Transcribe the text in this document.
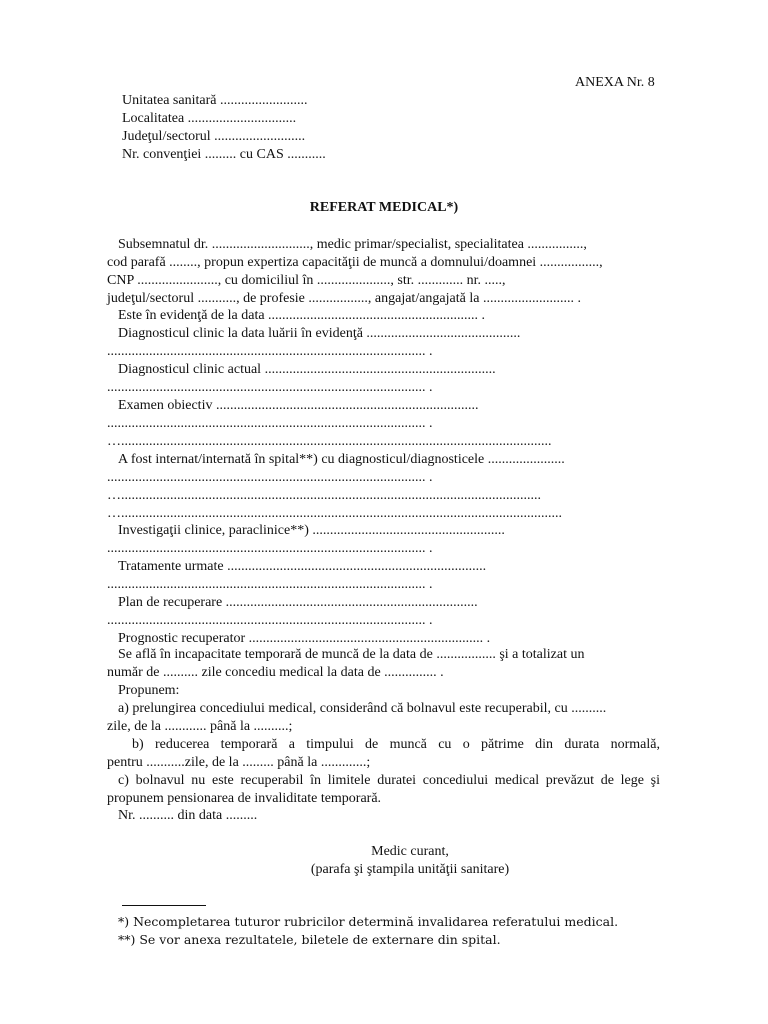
ANEXA Nr. 8
Unitatea sanitară .........................
Localitatea ...............................
Judeţul/sectorul ..........................
Nr. convenţiei ......... cu CAS ...........
REFERAT MEDICAL*)
Subsemnatul dr. ............................, medic primar/specialist, specialitatea ................,
cod parafă ........, propun expertiza capacităţii de muncă a domnului/doamnei .................,
CNP ......................., cu domiciliul în ....................., str. ............. nr. .....,
judeţul/sectorul ..........., de profesie ................., angajat/angajată la .......................... .
Este în evidenţă de la data ............................................................ .
Diagnosticul clinic la data luării în evidenţă ............................................
........................................................................................... .
Diagnosticul clinic actual ..................................................................
........................................................................................... .
Examen obiectiv ...........................................................................
........................................................................................... .
…...........................................................................................................................
A fost internat/internată în spital**) cu diagnosticul/diagnosticele ......................
........................................................................................... .
…........................................................................................................................
…..............................................................................................................................
Investigaţii clinice, paraclinice**) .......................................................
........................................................................................... .
Tratamente urmate ..........................................................................
........................................................................................... .
Plan de recuperare ........................................................................
........................................................................................... .
Prognostic recuperator ................................................................... .
Se află în incapacitate temporară de muncă de la data de ................. şi a totalizat un
număr de .......... zile concediu medical la data de ............... .
Propunem:
a) prelungirea concediului medical, considerând că bolnavul este recuperabil, cu ..........
zile, de la ............ până la ..........;
b) reducerea temporară a timpului de muncă cu o pătrime din durata normală,
pentru ...........zile, de la ......... până la .............;
c) bolnavul nu este recuperabil în limitele duratei concediului medical prevăzut de lege şi
propunem pensionarea de invaliditate temporară.
Nr. .......... din data .........
Medic curant,
(parafa şi ştampila unităţii sanitare)
*) Necompletarea tuturor rubricilor determină invalidarea referatului medical.
**) Se vor anexa rezultatele, biletele de externare din spital.
